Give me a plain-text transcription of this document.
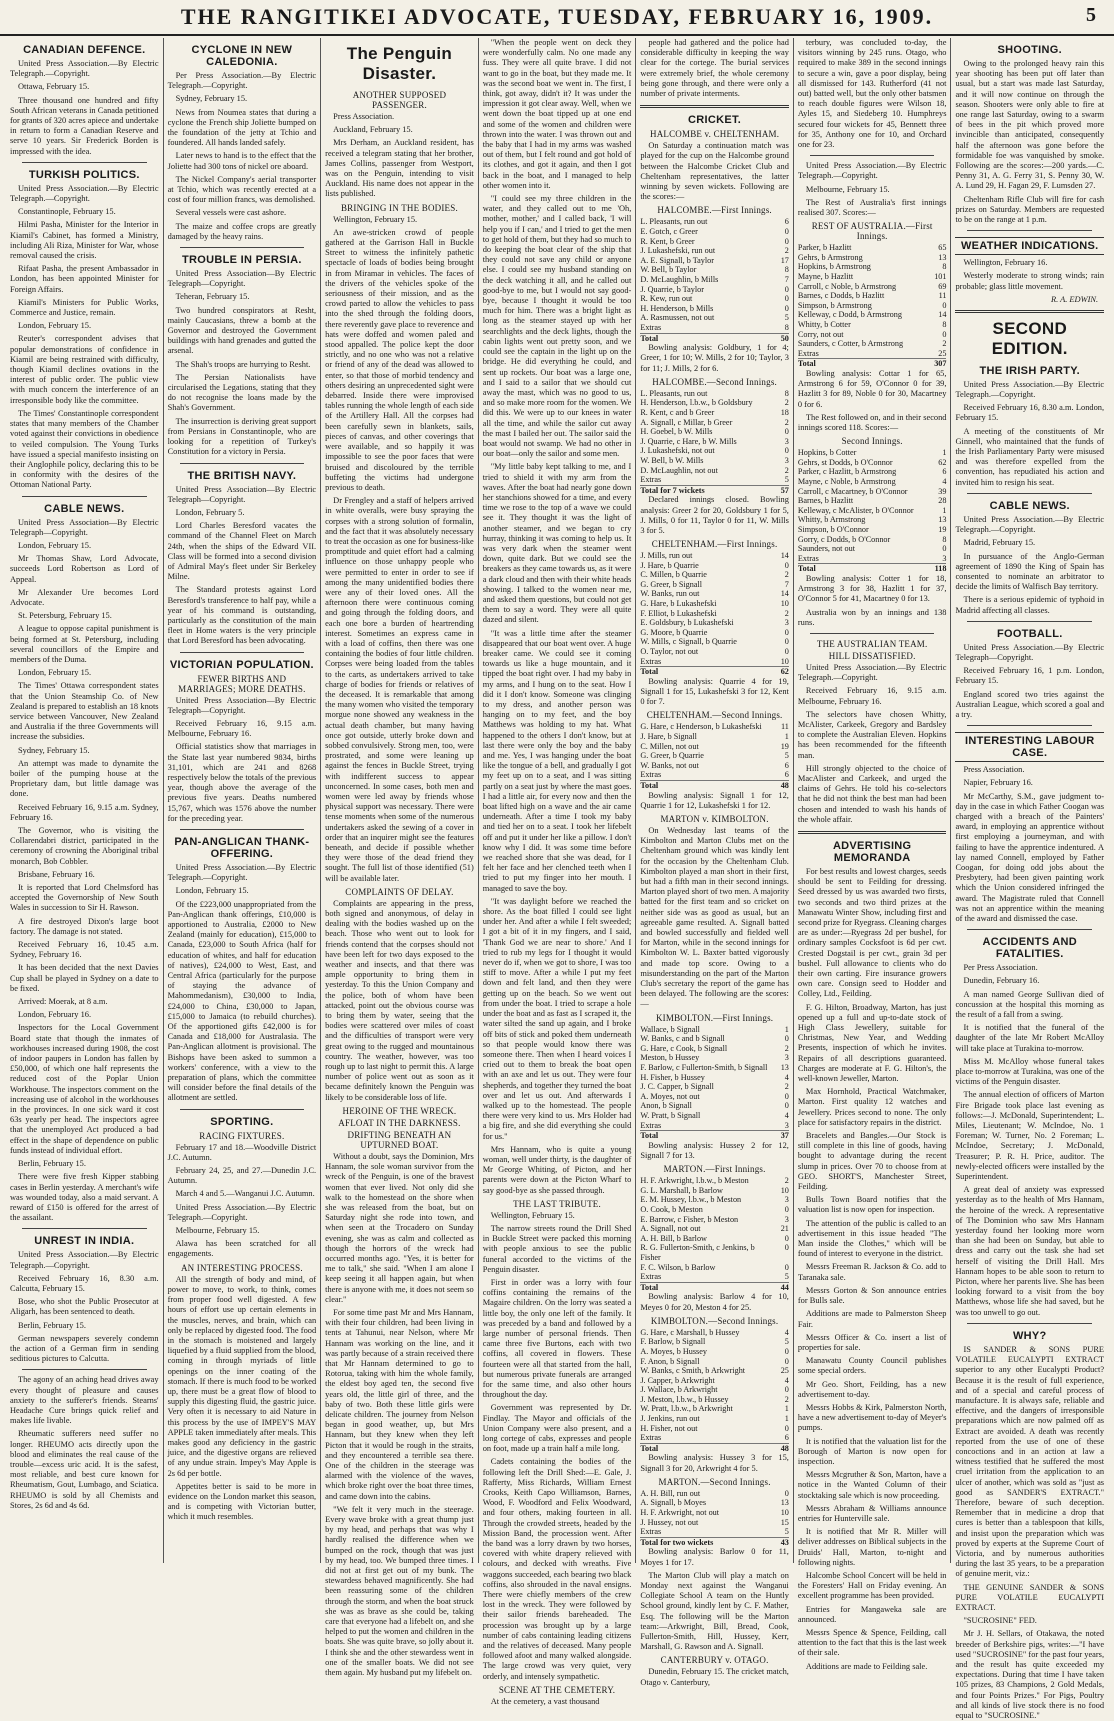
THE RANGITIKEI ADVOCATE, TUESDAY, FEBRUARY 16, 1909.	5
CANADIAN DEFENCE.

United Press Association.—By Electric Telegraph.—Copyright.

Ottawa, February 15.

Three thousand one hundred and fifty South African veterans in Canada petitioned for grants of 320 acres apiece and undertake in return to form a Canadian Reserve and serve 10 years. Sir Frederick Borden is impressed with the idea.

TURKISH POLITICS.

United Press Association.—By Electric Telegraph.—Copyright.

Constantinople, February 15.

Hilmi Pasha, Minister for the Interior in Kiamil's Cabinet, has formed a Ministry, including Ali Riza, Minister for War, whose removal caused the crisis.

Rifaat Pasha, the present Ambassador in London, has been appointed Minister for Foreign Affairs.

Kiamil's Ministers for Public Works, Commerce and Justice, remain.

London, February 15.

Reuter's correspondent advises that popular demonstrations of confidence in Kiamil are being restrained with difficulty, though Kiamil declines ovations in the interest of public order. The public view with much concern the interference of an irresponsible body like the committee.

The Times' Constantinople correspondent states that many members of the Chamber voted against their convictions in obedience to veiled compulsion. The Young Turks have issued a special manifesto insisting on their Anglophile policy, declaring this to be in conformity with the desires of the Ottoman National Party.

CABLE NEWS.

United Press Association—By Electric Telegraph—Copyright.

London, February 15.

Mr Thomas Shaw, Lord Advocate, succeeds Lord Robertson as Lord of Appeal.

Mr Alexander Ure becomes Lord Advocate.

St. Petersburg, February 15.

A league to oppose capital punishment is being formed at St. Petersburg, including several councillors of the Empire and members of the Duma.

London, February 15.

The Times' Ottawa correspondent states that the Union Steamship Co. of New Zealand is prepared to establish an 18 knots service between Vancouver, New Zealand and Australia if the three Governments will increase the subsidies.

Sydney, February 15.

An attempt was made to dynamite the boiler of the pumping house at the Proprietary dam, but little damage was done.

Received February 16, 9.15 a.m. Sydney, February 16.

The Governor, who is visiting the Collarendabri district, participated in the ceremony of crowning the Aboriginal tribal monarch, Bob Cobbler.

Brisbane, February 16.

It is reported that Lord Chelmsford has accepted the Governorship of New South Wales in succession to Sir H. Rawson.

A fire destroyed Dixon's large boot factory. The damage is not stated.

Received February 16, 10.45 a.m. Sydney, February 16.

It has been decided that the next Davies Cup shall be played in Sydney on a date to be fixed.

Arrived: Moerak, at 8 a.m.

London, February 16.

Inspectors for the Local Government Board state that though the inmates of workhouses increased during 1908, the cost of indoor paupers in London has fallen by £50,000, of which one half represents the reduced cost of the Poplar Union Workhouse. The inspectors comment on the increasing use of alcohol in the workhouses in the provinces. In one sick ward it cost 63s yearly per head. The inspectors agree that the unemployed Act produced a bad effect in the shape of dependence on public funds instead of individual effort.

Berlin, February 15.

There were five fresh Kipper stabbing cases in Berlin yesterday. A merchant's wife was wounded today, also a maid servant. A reward of £150 is offered for the arrest of the assailant.

UNREST IN INDIA.

United Press Association.—By Electric Telegraph.—Copyright.

Received February 16, 8.30 a.m. Calcutta, February 15.

Bose, who shot the Public Prosecutor at Aligarh, has been sentenced to death.

Berlin, February 15.

German newspapers severely condemn the action of a German firm in sending seditious pictures to Calcutta.

The agony of an aching head drives away every thought of pleasure and causes anxiety to the sufferer's friends. Stearns' Headache Cure brings quick relief and makes life livable.

Rheumatic sufferers need suffer no longer. RHEUMO acts directly upon the blood and eliminates the real cause of the trouble—excess uric acid. It is the safest, most reliable, and best cure known for Rheumatism, Gout, Lumbago, and Sciatica. RHEUMO is sold by all Chemists and Stores, 2s 6d and 4s 6d.

CYCLONE IN NEW CALEDONIA.

Per Press Association.—By Electric Telegraph.—Copyright.

Sydney, February 15.

News from Noumea states that during a cyclone the French ship Joliette bumped on the foundation of the jetty at Tchio and foundered. All hands landed safely.

Later news to hand is to the effect that the Joliette had 300 tons of nickel ore aboard.

The Nickel Company's aerial transporter at Tchio, which was recently erected at a cost of four million francs, was demolished.

Several vessels were cast ashore.

The maize and coffee crops are greatly damaged by the heavy rains.

TROUBLE IN PERSIA.

United Press Association—By Electric Telegraph—Copyright.

Teheran, February 15.

Two hundred conspirators at Resht, mainly Caucasians, threw a bomb at the Governor and destroyed the Government buildings with hand grenades and gutted the arsenal.

The Shah's troops are hurrying to Resht.

The Persian Nationalists have circularised the Legations, stating that they do not recognise the loans made by the Shah's Government.

The insurrection is deriving great support from Persians in Constantinople, who are looking for a repetition of Turkey's Constitution for a victory in Persia.

THE BRITISH NAVY.

United Press Association—By Electric Telegraph—Copyright.

London, February 5.

Lord Charles Beresford vacates the command of the Channel Fleet on March 24th, when the ships of the Edward VII. Class will be formed into a second division of Admiral May's fleet under Sir Berkeley Milne.

The Standard protests against Lord Beresford's transference to half pay, while a year of his command is outstanding, particularly as the constitution of the main fleet in Home waters is the very principle that Lord Beresford has been advocating.

VICTORIAN POPULATION.
FEWER BIRTHS AND MARRIAGES; MORE DEATHS.

United Press Association—By Electric Telegraph—Copyright.

Received February 16, 9.15 a.m. Melbourne, February 16.

Official statistics show that marriages in the State last year numbered 9834, births 31,101, which are 241 and 8268 respectively below the totals of the previous year, though above the average of the previous five years. Deaths numbered 15,767, which was 1576 above the number for the preceding year.

PAN-ANGLICAN THANK-OFFERING.

United Press Association.—By Electric Telegraph.—Copyright.

London, February 15.

Of the £223,000 unappropriated from the Pan-Anglican thank offerings, £10,000 is apportioned to Australia, £2000 to New Zealand (mainly for education), £15,000 to Canada, £23,000 to South Africa (half for education of whites, and half for education of natives), £24,000 to West, East, and Central Africa (particularly for the purpose of staying the advance of Mahommedanism), £30,000 to India, £24,000 to China, £30,000 to Japan, £15,000 to Jamaica (to rebuild churches). Of the apportioned gifts £42,000 is for Canada and £18,000 for Australasia. The Pan-Anglican allotment is provisional. The Bishops have been asked to summon a workers' conference, with a view to the preparation of plans, which the committee will consider before the final details of the allotment are settled.

SPORTING.
RACING FIXTURES.

February 17 and 18.—Woodville District J.C. Autumn.

February 24, 25, and 27.—Dunedin J.C. Autumn.

March 4 and 5.—Wanganui J.C. Autumn.

United Press Association.—By Electric Telegraph.—Copyright.

Melbourne, February 15.

Alawa has been scratched for all engagements.

AN INTERESTING PROCESS.

All the strength of body and mind, of power to move, to work, to think, comes from proper food well digested. A few hours of effort use up certain elements in the muscles, nerves, and brain, which can only be replaced by digested food. The food in the stomach is moistened and largely liquefied by a fluid supplied from the blood, coming in through myriads of little openings on the inner coating of the stomach. If there is much food to be worked up, there must be a great flow of blood to supply this digesting fluid, the gastric juice. Very often it is necessary to aid Nature in this process by the use of IMPEY'S MAY APPLE taken immediately after meals. This makes good any deficiency in the gastric juice, and the digestive organs are relieved of any undue strain. Impey's May Apple is 2s 6d per bottle.

Appetites better is said to be more in evidence on the London market this season, and is competing with Victorian butter, which it much resembles.

The Penguin Disaster.
ANOTHER SUPPOSED PASSENGER.

Press Association.

Auckland, February 15.

Mrs Derham, an Auckland resident, has received a telegram stating that her brother, James Collins, passenger from Westport, was on the Penguin, intending to visit Auckland. His name does not appear in the lists published.

BRINGING IN THE BODIES.

Wellington, February 15.

An awe-stricken crowd of people gathered at the Garrison Hall in Buckle Street to witness the infinitely pathetic spectacle of loads of bodies being brought in from Miramar in vehicles. The faces of the drivers of the vehicles spoke of the seriousness of their mission, and as the crowd parted to allow the vehicles to pass into the shed through the folding doors, there reverently gave place to reverence and hats were doffed and women paled and stood appalled. The police kept the door strictly, and no one who was not a relative or friend of any of the dead was allowed to enter, so that those of morbid tendency and others desiring an unprecedented sight were debarred. Inside there were improvised tables running the whole length of each side of the Artillery Hall. All the corpses had been carefully sewn in blankets, sails, pieces of canvas, and other coverings that were available, and so happily it was impossible to see the poor faces that were bruised and discoloured by the terrible buffeting the victims had undergone previous to death.

Dr Frengley and a staff of helpers arrived in white overalls, were busy spraying the corpses with a strong solution of formalin, and the fact that it was absolutely necessary to treat the occasion as one for business-like promptitude and quiet effort had a calming influence on those unhappy people who were permitted to enter in order to see if among the many unidentified bodies there were any of their loved ones. All the afternoon there were continuous coming and going through the folding doors, and each one bore a burden of heartrending interest. Sometimes an express came in with a load of coffins, then there was one containing the bodies of four little children. Corpses were being loaded from the tables to the carts, as undertakers arrived to take charge of bodies for friends or relatives of the deceased. It is remarkable that among the many women who visited the temporary morgue none showed any weakness in the actual death chamber, but many having once got outside, utterly broke down and sobbed convulsively. Strong men, too, were prostrated, and some were leaning up against the fences in Buckle Street, trying with indifferent success to appear unconcerned. In some cases, both men and women were led away by friends whose physical support was necessary. There were tense moments when some of the numerous undertakers asked the sewing of a cover in order that an inquirer might see the features beneath, and decide if possible whether they were those of the dead friend they sought. The full list of those identified (51) will be available later.

COMPLAINTS OF DELAY.

Complaints are appearing in the press, both signed and anonymous, of delay in dealing with the bodies washed up on the beach. Those who went out to look for friends contend that the corpses should not have been left for two days exposed to the weather and insects, and that there was ample opportunity to bring them in yesterday. To this the Union Company and the police, both of whom have been attacked, point out the obvious course was to bring them by water, seeing that the bodies were scattered over miles of coast and the difficulties of transport were very great owing to the rugged and mountainous country. The weather, however, was too rough up to last night to permit this. A large number of police went out as soon as it became definitely known the Penguin was likely to be considerable loss of life.

HEROINE OF THE WRECK.
AFLOAT IN THE DARKNESS.
DRIFTING BENEATH AN UPTURNED BOAT.

Without a doubt, says the Dominion, Mrs Hannam, the sole woman survivor from the wreck of the Penguin, is one of the bravest women that ever lived. Not only did she walk to the homestead on the shore when she was released from the boat, but on Saturday night she rode into town, and when seen at the Trocadero on Sunday evening, she was as calm and collected as though the horrors of the wreck had occurred months ago. "Yes, it is better for me to talk," she said. "When I am alone I keep seeing it all happen again, but when there is anyone with me, it does not seem so clear."

For some time past Mr and Mrs Hannam, with their four children, had been living in tents at Tahunui, near Nelson, where Mr Hannam was working on the line, and it was partly because of a strain received there that Mr Hannam determined to go to Rotorua, taking with him the whole family, the eldest boy aged ten, the second five years old, the little girl of three, and the baby of two. Both these little girls were delicate children. The journey from Nelson began in good weather, up, but Mrs Hannam, but they knew when they left Picton that it would be rough in the straits, and they encountered a terrible sea there. One of the children in the steerage was alarmed with the violence of the waves, which broke right over the boat three times, and came down into the cabins.

"We felt it very much in the steerage. Every wave broke with a great thump just by my head, and perhaps that was why I hardly realised the difference when we bumped on the rock, though that was just by my head, too. We bumped three times. I did not at first get out of my bunk. The stewardess behaved magnificently. She had been reassuring some of the children through the storm, and when the boat struck she was as brave as she could be, taking care that everyone had a lifebelt on, and she helped to put the women and children in the boats. She was quite brave, so jolly about it. I think she and the other stewardess went in one of the smaller boats. We did not see them again. My husband put my lifebelt on.

"When the people went on deck they were wonderfully calm. No one made any fuss. They were all quite brave. I did not want to go in the boat, but they made me. It was the second boat we went in. The first, I think, got away, didn't it? It was under the impression it got clear away. Well, when we went down the boat tipped up at one end and some of the women and children were thrown into the water. I was thrown out and the baby that I had in my arms was washed out of them, but I felt round and got hold of its clothes, and got it again, and then I got back in the boat, and I managed to help other women into it.

"I could see my three children in the water, and they called out to me 'Oh, mother, mother,' and I called back, 'I will help you if I can,' and I tried to get the men to get hold of them, but they had so much to do keeping the boat clear of the ship that they could not save any child or anyone else. I could see my husband standing on the deck watching it all, and he called out good-bye to me, but I would not say good-bye, because I thought it would be too much for him. There was a bright light as long as the steamer stayed up with her searchlights and the deck lights, though the cabin lights went out pretty soon, and we could see the captain in the light up on the bridge. He did everything he could, and sent up rockets. Our boat was a large one, and I said to a sailor that we should cut away the mast, which was no good to us, and so make more room for the women. We did this. We were up to our knees in water all the time, and while the sailor cut away the mast I bailed her out. The sailor said the boat would not swamp. We had no other in our boat—only the sailor and some men.

"My little baby kept talking to me, and I tried to shield it with my arm from the waves. After the boat had nearly gone down her stanchions showed for a time, and every time we rose to the top of a wave we could see it. They thought it was the light of another steamer, and we began to cry hurray, thinking it was coming to help us. It was very dark when the steamer went down, quite dark. But we could see the breakers as they came towards us, as it were a dark cloud and then with their white heads showing. I talked to the women near me, and asked them questions, but could not get them to say a word. They were all quite dazed and silent.

"It was a little time after the steamer disappeared that our boat went over. A huge breaker came. We could see it coming towards us like a huge mountain, and it tipped the boat right over. I had my baby in my arms, and I hung on to the seat. How I did it I don't know. Someone was clinging to my dress, and another person was hanging on to my feet, and the boy Matthews was holding to my hat. What happened to the others I don't know, but at last there were only the boy and the baby and me. Yes, I was hanging under the boat like the tongue of a bell, and gradually I got my feet up on to a seat, and I was sitting partly on a seat just by where the mast goes. I had a little air, for every now and then the boat lifted high on a wave and the air came underneath. After a time I took my baby and tied her on to a seat. I took her lifebelt off and put it under her like a pillow. I don't know why I did. It was some time before we reached shore that she was dead, for I felt her face and her clenched teeth when I tried to put my finger into her mouth. I managed to save the boy.

"It was daylight before we reached the shore. As the boat filled I could see light under her. And after a while I felt sweeded; I got a bit of it in my fingers, and I said, 'Thank God we are near to shore.' And I tried to rub my legs for I thought it would never do if, when we got to shore, I was too stiff to move. After a while I put my feet down and felt land, and then they were getting up on the beach. So we went out from under the boat. I tried to scrape a hole under the boat and as fast as I scraped it, the water silted the sand up again, and I broke off bits of stick and poked them underneath so that people would know there was someone there. Then when I heard voices I cried out to them to break the boat open with an axe and let us out. They were four shepherds, and together they turned the boat over and let us out. And afterwards I walked up to the homestead. The people there were very kind to us. Mrs Holder had a big fire, and she did everything she could for us."

Mrs Hannam, who is quite a young woman, well under thirty, is the daughter of Mr George Whiting, of Picton, and her parents were down at the Picton Wharf to say good-bye as she passed through.

THE LAST TRIBUTE.

Wellington, February 15.

The narrow streets round the Drill Shed in Buckle Street were packed this morning with people anxious to see the public funeral accorded to the victims of the Penguin disaster.

First in order was a lorry with four coffins containing the remains of the Magaire children. On the lorry was seated a little boy, the only one left of the family. It was preceded by a band and followed by a large number of personal friends. Then came three five Burtons, each with two coffins, all covered in flowers. These fourteen were all that started from the hall, but numerous private funerals are arranged for the same time, and also other hours throughout the day.

Government was represented by Dr. Findlay. The Mayor and officials of the Union Company were also present, and a long cortege of cabs, expresses and people on foot, made up a train half a mile long.

Cadets containing the bodies of the following left the Drill Shed:—E. Gale, J. Rafferty, Miss Richards, William Ernest Crooks, Keith Capo Williamson, Barnes, Wood, F. Woodford and Felix Woodward, and four others, making fourteen in all. Through the crowded streets, headed by the Mission Band, the procession went. After the band was a lorry drawn by two horses, covered with white drapery relieved with colours, and decked with wreaths. Five waggons succeeded, each bearing two black coffins, also shrouded in the naval ensigns. There were chiefly members of the crew lost in the wreck. They were followed by their sailor friends bareheaded. The procession was brought up by a large number of cabs containing leading citizens and the relatives of deceased. Many people followed afoot and many walked alongside. The large crowd was very quiet, very orderly, and intensely sympathetic.

SCENE AT THE CEMETERY.

At the cemetery, a vast thousand

people had gathered and the police had considerable difficulty in keeping the way clear for the cortege. The burial services were extremely brief, the whole ceremony being gone through, and there were only a number of private interments.

CRICKET.
HALCOMBE v. CHELTENHAM.

On Saturday a continuation match was played for the cup on the Halcombe ground between the Halcombe Cricket Club and Cheltenham representatives, the latter winning by seven wickets. Following are the scores:—

HALCOMBE.—First Innings.
L. Pleasants, run out	6
E. Gotch, c Greer	0
R. Kent, b Greer	0
J. Lukashefski, run out	2
A. E. Signall, b Taylor	17
W. Bell, b Taylor	8
D. McLaughlin, b Mills	7
J. Quarrie, b Taylor	0
R. Kew, run out	0
H. Henderson, b Mills	0
A. Rasmussen, not out	5
Extras	8
Total	50

Bowling analysis: Goldbury, 1 for 4; Greer, 1 for 10; W. Mills, 2 for 10; Taylor, 3 for 11; J. Mills, 2 for 6.

HALCOMBE.—Second Innings.
L. Pleasants, run out	8
H. Henderson, l.b.w., b Goldsbury	2
R. Kent, c and b Greer	18
A. Signall, c Millar, b Greer	2
H. Goebel, b W. Mills	0
J. Quarrie, c Hare, b W. Mills	3
J. Lukashefski, not out	0
W. Bell, b W. Mills	3
D. McLaughlin, not out	2
Extras	5
Total for 7 wickets	57

Declared innings closed. Bowling analysis: Greer 2 for 20, Goldsbury 1 for 5, J. Mills, 0 for 11, Taylor 0 for 11, W. Mills 3 for 5.

CHELTENHAM.—First Innings.
J. Mills, run out	14
J. Hare, b Quarrie	0
C. Millen, b Quarrie	2
G. Greer, b Signall	7
W. Banks, run out	14
G. Hare, b Lukashefski	10
F. Elliot, b Lukashefski	2
E. Goldsbury, b Lukashefski	3
G. Moore, b Quarrie	0
W. Mills, c Signall, b Quarrie	0
O. Taylor, not out	0
Extras	10
Total	62

Bowling analysis: Quarrie 4 for 19, Signall 1 for 15, Lukashefski 3 for 12, Kent 0 for 7.

CHELTENHAM.—Second Innings.
G. Hare, c Henderson, b Lukashefski	11
J. Hare, b Signall	1
C. Millen, not out	19
G. Greer, b Quarrie	5
W. Banks, not out	6
Extras	6
Total	48

Bowling analysis: Signall 1 for 12, Quarrie 1 for 12, Lukashefski 1 for 12.

MARTON v. KIMBOLTON.

On Wednesday last teams of the Kimbolton and Marton Clubs met on the Cheltenham ground which was kindly lent for the occasion by the Cheltenham Club. Kimbolton played a man short in their first, but had a fifth man in their second innings. Marton played short of two men. A majority batted for the first team and so cricket on neither side was as good as usual, but an agreeable game resulted. A. Signall batted and bowled successfully and fielded well for Marton, while in the second innings for Kimbolton W. L. Baxter batted vigorously and made top score. Owing to a misunderstanding on the part of the Marton Club's secretary the report of the game has been delayed. The following are the scores:—

KIMBOLTON.—First Innings.
Wallace, b Signall	1
W. Banks, c and b Signall	0
G. Hare, c Cook, b Signall	2
Meston, b Hussey	3
F. Barlow, c Fullerton-Smith, b Signall	13
H. Fisher, b Hussey	4
J. C. Capper, b Signall	2
A. Moyes, not out	0
Anon, b Signall	0
W. Pratt, b Signall	4
Extras	3
Total	37

Bowling analysis: Hussey 2 for 12, Signall 7 for 13.

MARTON.—First Innings.
H. F. Arkwright, l.b.w., b Meston	2
G. L. Marshall, b Barlow	10
E. M. Hussey, l.b.w., b Meston	3
O. Cook, b Meston	0
E. Barrow, c Fisher, b Meston	3
A. Signall, not out	21
A. H. Bill, b Barlow	0
R. G. Fullerton-Smith, c Jenkins, b Fisher	0
F. C. Wilson, b Barlow	0
Extras	5
Total	44

Bowling analysis: Barlow 4 for 10, Meyes 0 for 20, Meston 4 for 25.

KIMBOLTON.—Second Innings.
G. Hare, c Marshall, b Hussey	4
F. Barlow, b Signall	5
A. Moyes, b Hussey	0
F. Anon, b Signall	0
W. Banks, c Smith, b Arkwright	25
J. Capper, b Arkwright	4
J. Wallace, b Arkwright	0
J. Meston, l.b.w., b Hussey	2
W. Pratt, l.b.w., b Arkwright	1
J. Jenkins, run out	1
H. Fisher, not out	0
Extras	6
Total	48

Bowling analysis: Hussey 3 for 15, Signall 3 for 20, Arkwright 4 for 5.

MARTON.—Second Innings.
A. H. Bill, run out	0
A. Signall, b Moyes	13
H. F. Arkwright, not out	10
J. Hussey, not out	15
Extras	5
Total for two wickets	43

Bowling analysis: Barlow 0 for 11, Moyes 1 for 17.

The Marton Club will play a match on Monday next against the Wanganui Collegiate School A team on the Huntly School ground, kindly lent by C. F. Mather, Esq. The following will be the Marton team:—Arkwright, Bill, Bread, Cook, Fullerton-Smith, Hill, Hussey, Kerr, Marshall, G. Rawson and A. Signall.

CANTERBURY v. OTAGO.

Dunedin, February 15. The cricket match, Otago v. Canterbury,

terbury, was concluded to-day, the visitors winning by 245 runs. Otago, who required to make 389 in the second innings to secure a win, gave a poor display, being all dismissed for 143. Rutherford (41 not out) batted well, but the only other batsmen to reach double figures were Wilson 18, Ayles 15, and Siedeberg 10. Humphreys secured four wickets for 45, Bennett three for 35, Anthony one for 10, and Orchard one for 23.

United Press Association.—By Electric Telegraph.—Copyright.

Melbourne, February 15.

The Rest of Australia's first innings realised 307. Scores:—

REST OF AUSTRALIA.—First Innings.
Parker, b Hazlitt	65
Gehrs, b Armstrong	13
Hopkins, b Armstrong	8
Mayne, b Hazlitt	101
Carroll, c Noble, b Armstrong	69
Barnes, c Dodds, b Hazlitt	11
Simpson, b Armstrong	0
Kelleway, c Dodd, b Armstrong	14
Whitty, b Cotter	8
Corry, not out	0
Saunders, c Cotter, b Armstrong	2
Extras	25
Total	307

Bowling analysis: Cottar 1 for 65, Armstrong 6 for 59, O'Connor 0 for 39, Hazlitt 3 for 89, Noble 0 for 30, Macartney 0 for 6.

The Rest followed on, and in their second innings scored 118. Scores:—

Second Innings.
Hopkins, b Cotter	1
Gehrs, st Dodds, b O'Connor	62
Parker, c Hazlitt, b Armstrong	6
Mayne, c Noble, b Armstrong	4
Carroll, c Macartney, b O'Connor	39
Barnes, b Hazlitt	28
Kelleway, c McAlister, b O'Connor	1
Whitty, b Armstrong	13
Simpson, b O'Connor	19
Gorry, c Dodds, b O'Connor	8
Saunders, not out	0
Extras	3
Total	118

Bowling analysis: Cotter 1 for 18, Armstrong 3 for 38, Hazlitt 1 for 37, O'Connor 5 for 41, Macartney 0 for 13.

Australia won by an innings and 138 runs.

THE AUSTRALIAN TEAM.
HILL DISSATISFIED.

United Press Association.—By Electric Telegraph.—Copyright.

Received February 16, 9.15 a.m. Melbourne, February 16.

The selectors have chosen Whitty, McAlister, Carkeek, Gregory and Bardsley to complete the Australian Eleven. Hopkins has been recommended for the fifteenth man.

Hill strongly objected to the choice of MacAlister and Carkeek, and urged the claims of Gehrs. He told his co-selectors that he did not think the best man had been chosen and intended to wash his hands of the whole affair.

ADVERTISING MEMORANDA

For best results and lowest charges, seeds should be sent to Feilding for dressing. Seed dressed by us was awarded two firsts, two seconds and two third prizes at the Manawatu Winter Show, including first and second prize for Ryegrass. Cleaning charges are as under:—Ryegrass 2d per bushel, for ordinary samples Cocksfoot is 6d per cwt. Crested Dogstail is per cwt., grain 3d per bushel. Full allowance to clients who do their own carting. Fire insurance growers own care. Consign seed to Hodder and Colley, Ltd., Feilding.

F. G. Hilton, Broadway, Marton, has just opened up a full and up-to-date stock of High Class Jewellery, suitable for Christmas, New Year, and Wedding Presents, inspection of which he invites. Repairs of all descriptions guaranteed. Charges are moderate at F. G. Hilton's, the well-known Jeweller, Marton.

Max Hornhold, Practical Watchmaker, Marton. First quality 12 watches and Jewellery. Prices second to none. The only place for satisfactory repairs in the district.

Bracelets and Bangles.—Our Stock is still complete in this line of goods, having bought to advantage during the recent slump in prices. Over 70 to choose from at GEO. SHORT'S, Manchester Street, Feilding.

Bulls Town Board notifies that the valuation list is now open for inspection.

The attention of the public is called to an advertisement in this issue headed "The Man inside the Clothes," which will be found of interest to everyone in the district.

Messrs Freeman R. Jackson & Co. add to Taranaka sale.

Messrs Gorton & Son announce entries for Bulls sale.

Additions are made to Palmerston Sheep Fair.

Messrs Officer & Co. insert a list of properties for sale.

Manawatu County Council publishes some special orders.

Mr Geo. Short, Feilding, has a new advertisement to-day.

Messrs Hobbs & Kirk, Palmerston North, have a new advertisement to-day of Meyer's pumps.

It is notified that the valuation list for the Borough of Marton is now open for inspection.

Messrs Mcgruther & Son, Marton, have a notice in the Wanted Column of their stocktaking sale which is now proceeding.

Messrs Abraham & Williams announce entries for Hunterville sale.

It is notified that Mr R. Miller will deliver addresses on Biblical subjects in the Druids' Hall, Marton, to-night and following nights.

Halcombe School Concert will be held in the Foresters' Hall on Friday evening. An excellent programme has been provided.

Entries for Mangaweka sale are announced.

Messrs Spence & Spence, Feilding, call attention to the fact that this is the last week of their sale.

Additions are made to Feilding sale.

SHOOTING.

Owing to the prolonged heavy rain this year shooting has been put off later than usual, but a start was made last Saturday, and it will now continue on through the season. Shooters were only able to fire at one range last Saturday, owing to a swarm of bees in the pit which proved more invincible than anticipated, consequently half the afternoon was gone before the formidable foe was vanquished by smoke. Following are the scores:—200 yards.—C. Penny 31, A. G. Ferry 31, S. Penny 30, W. A. Lund 29, H. Fagan 29, F. Lumsden 27.

Cheltenham Rifle Club will fire for cash prizes on Saturday. Members are requested to be on the range at 1 p.m.

WEATHER INDICATIONS.

Wellington, February 16.

Westerly moderate to strong winds; rain probable; glass little movement.

R. A. EDWIN.
SECOND EDITION.
THE IRISH PARTY.

United Press Association.—By Electric Telegraph.—Copyright.

Received February 16, 8.30 a.m. London, February 15.

A meeting of the constituents of Mr Ginnell, who maintained that the funds of the Irish Parliamentary Party were misused and was therefore expelled from the convention, has repudiated his action and invited him to resign his seat.

CABLE NEWS.

United Press Association.—By Electric Telegraph.—Copyright.

Madrid, February 15.

In pursuance of the Anglo-German agreement of 1890 the King of Spain has consented to nominate an arbitrator to decide the limits of Walfisch Bay territory.

There is a serious epidemic of typhoid in Madrid affecting all classes.

FOOTBALL.

United Press Association.—By Electric Telegraph—Copyright.

Received February 16, 1 p.m. London, February 15.

England scored two tries against the Australian League, which scored a goal and a try.

INTERESTING LABOUR CASE.

Press Association.

Napier, February 16.

Mr McCarthy, S.M., gave judgment to-day in the case in which Father Coogan was charged with a breach of the Painters' award, in employing an apprentice without first employing a journeyman, and with failing to have the apprentice indentured. A lay named Connell, employed by Father Coogan, for doing odd jobs about the Presbytery, had been given painting work which the Union considered infringed the award. The Magistrate ruled that Connell was not an apprentice within the meaning of the award and dismissed the case.

ACCIDENTS AND FATALITIES.

Per Press Association.

Dunedin, February 16.

A man named George Sullivan died of concussion at the hospital this morning as the result of a fall from a swing.

It is notified that the funeral of the daughter of the late Mr Robert McAlloy will take place at Turakina to-morrow.

Miss M. McAlloy whose funeral takes place to-morrow at Turakina, was one of the victims of the Penguin disaster.

The annual election of officers of Marton Fire Brigade took place last evening as follows:—J. McDonald, Superintendent; L. Miles, Lieutenant; W. McIndoe, No. 1 Foreman; W. Turner, No. 2 Foreman; L. McIndoe, Secretary; J. McDonald, Treasurer; P. R. H. Price, auditor. The newly-elected officers were installed by the Superintendent.

A great deal of anxiety was expressed yesterday as to the health of Mrs Hannam, the heroine of the wreck. A representative of The Dominion who saw Mrs Hannam yesterday found her looking more worn than she had been on Sunday, but able to dress and carry out the task she had set herself of visiting the Drill Hall. Mrs Hannam hopes to be able soon to return to Picton, where her parents live. She has been looking forward to a visit from the boy Matthews, whose life she had saved, but he was too unwell to go out.

WHY?

IS SANDER & SONS PURE VOLATILE EUCALYPTI EXTRACT superior to any other Eucalypti Product? Because it is the result of full experience, and of a special and careful process of manufacture. It is always safe, reliable and effective, and the dangers of irresponsible preparations which are now palmed off as Extract are avoided. A death was recently reported from the use of one of these concoctions and in an action at law a witness testified that he suffered the most cruel irritation from the application to an ulcer of another, which was sold as "just as good as SANDER'S EXTRACT." Therefore, beware of such deception. Remember that in medicine a drop that cures is better than a tablespoon that kills, and insist upon the preparation which was proved by experts at the Supreme Court of Victoria, and by numerous authorities during the last 35 years, to be a preparation of genuine merit, viz.:

THE GENUINE SANDER & SONS PURE VOLATILE EUCALYPTI EXTRACT.

"SUCROSINE" FED.

Mr J. H. Sellars, of Otakawa, the noted breeder of Berkshire pigs, writes:—"I have used "SUCROSINE" for the past four years, and the result has quite exceeded my expectations. During that time I have taken 105 prizes, 83 Champions, 2 Gold Medals, and four Points Prizes." For Pigs, Poultry and all kinds of live stock there is no food equal to "SUCROSINE."
